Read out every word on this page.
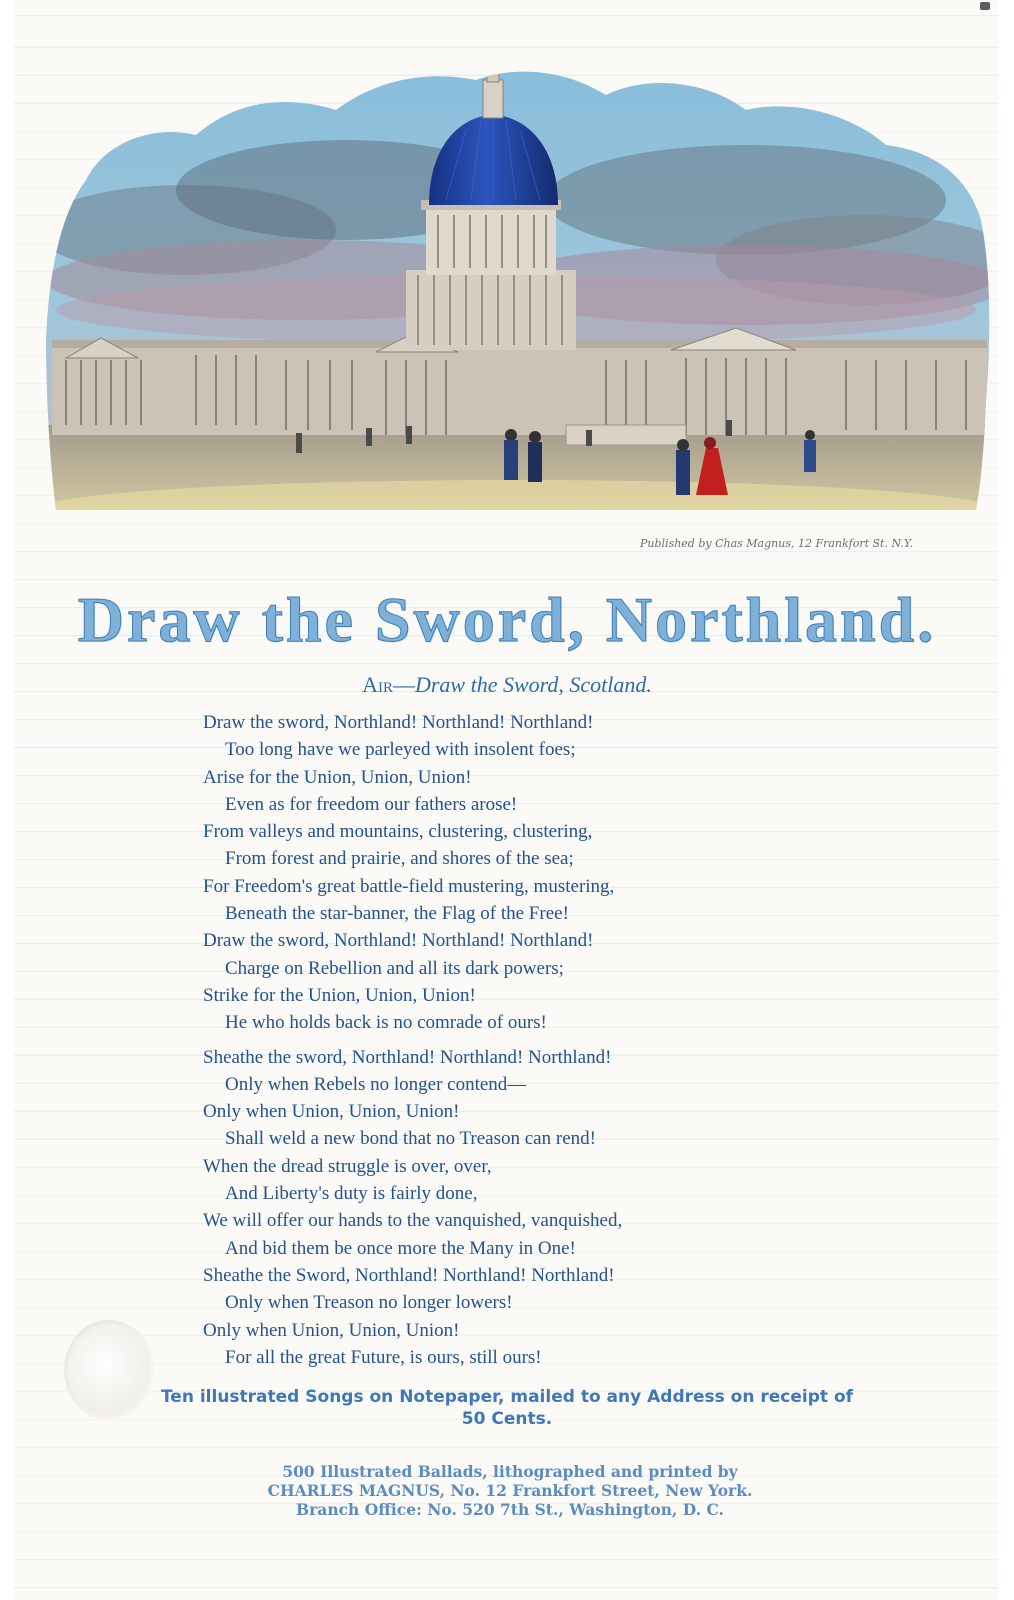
Published by Chas Magnus, 12 Frankfort St. N.Y.
Draw the Sword, Northland.
Air—Draw the Sword, Scotland.
Draw the sword, Northland! Northland! Northland!
Too long have we parleyed with insolent foes;
Arise for the Union, Union, Union!
Even as for freedom our fathers arose!
From valleys and mountains, clustering, clustering,
From forest and prairie, and shores of the sea;
For Freedom's great battle-field mustering, mustering,
Beneath the star-banner, the Flag of the Free!
Draw the sword, Northland! Northland! Northland!
Charge on Rebellion and all its dark powers;
Strike for the Union, Union, Union!
He who holds back is no comrade of ours!
Sheathe the sword, Northland! Northland! Northland!
Only when Rebels no longer contend—
Only when Union, Union, Union!
Shall weld a new bond that no Treason can rend!
When the dread struggle is over, over,
And Liberty's duty is fairly done,
We will offer our hands to the vanquished, vanquished,
And bid them be once more the Many in One!
Sheathe the Sword, Northland! Northland! Northland!
Only when Treason no longer lowers!
Only when Union, Union, Union!
For all the great Future, is ours, still ours!
Ten illustrated Songs on Notepaper, mailed to any Address on receipt of 50 Cents.
500 Illustrated Ballads, lithographed and printed by
CHARLES MAGNUS, No. 12 Frankfort Street, New York.
Branch Office: No. 520 7th St., Washington, D. C.
